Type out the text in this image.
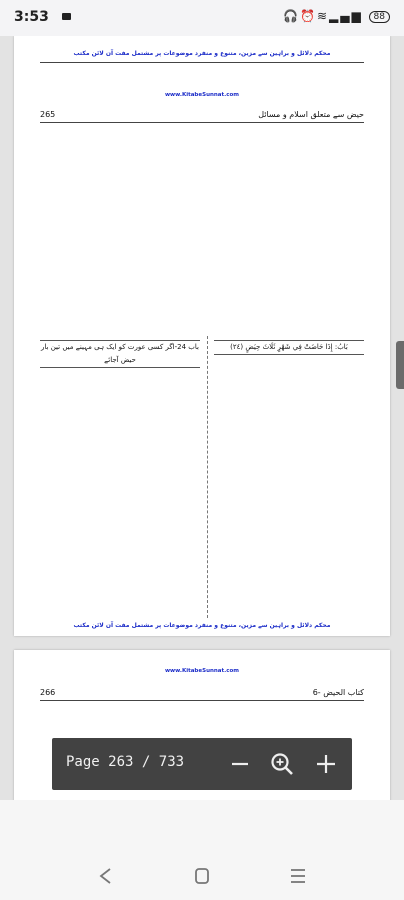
3:53	🎧⏰≋▂▄▆ 88
محکم دلائل و براہین سے مزین، متنوع و منفرد موضوعات پر مشتمل مفت آن لائن مکتب
www.KitabeSunnat.com
265	حیض سے متعلق اسلام و مسائل
(٢٤) بَابُ: إِذَا حَاضَتْ فِي شَهْرٍ ثَلَاثَ حِيَضٍ
باب 24-اگر کسی عورت کو ایک ہی مہینے میں تین بار حیض آجائے
محکم دلائل و براہین سے مزین، متنوع و منفرد موضوعات پر مشتمل مفت آن لائن مکتب
www.KitabeSunnat.com
266	6- كتاب الحيض
Page 263 / 733
